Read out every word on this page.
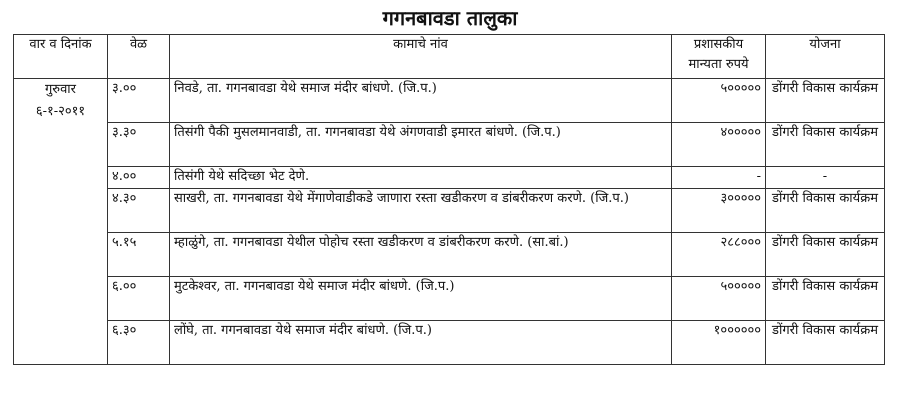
गगनबावडा तालुका
वार व दिनांक	वेळ	कामाचे नांव	प्रशासकीय मान्यता रुपये	योजना

गुरुवार
६-१-२०११	३.००	निवडे, ता. गगनबावडा येथे समाज मंदीर बांधणे. (जि.प.)	५०००००	डोंगरी विकास कार्यक्रम
	३.३०	तिसंगी पैकी मुसलमानवाडी, ता. गगनबावडा येथे अंगणवाडी इमारत बांधणे. (जि.प.)	४०००००	डोंगरी विकास कार्यक्रम
	४.००	तिसंगी येथे सदिच्छा भेट देणे.	-	-
	४.३०	साखरी, ता. गगनबावडा येथे मेंगाणेवाडीकडे जाणारा रस्ता खडीकरण व डांबरीकरण करणे. (जि.प.)	३०००००	डोंगरी विकास कार्यक्रम
	५.१५	म्हाळुंगे, ता. गगनबावडा येथील पोहोच रस्ता खडीकरण व डांबरीकरण करणे. (सा.बां.)	२८८०००	डोंगरी विकास कार्यक्रम
	६.००	मुटकेश्वर, ता. गगनबावडा येथे समाज मंदीर बांधणे. (जि.प.)	५०००००	डोंगरी विकास कार्यक्रम
	६.३०	लोंघे, ता. गगनबावडा येथे समाज मंदीर बांधणे. (जि.प.)	१००००००	डोंगरी विकास कार्यक्रम
